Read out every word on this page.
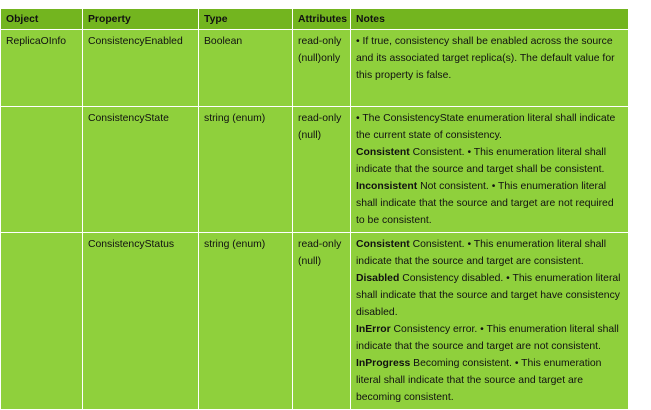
Object	Property	Type	Attributes	Notes
ReplicaOInfo	ConsistencyEnabled	Boolean	read-only (null)only	• If true, consistency shall be enabled across the source and its associated target replica(s). The default value for this property is false.
	ConsistencyState	string (enum)	read-only (null)	• The ConsistencyState enumeration literal shall indicate the current state of consistency.
Consistent Consistent. • This enumeration literal shall indicate that the source and target shall be consistent.
Inconsistent Not consistent. • This enumeration literal shall indicate that the source and target are not required to be consistent.
	ConsistencyStatus	string (enum)	read-only (null)	Consistent Consistent. • This enumeration literal shall indicate that the source and target are consistent. Disabled Consistency disabled. • This enumeration literal shall indicate that the source and target have consistency disabled.
InError Consistency error. • This enumeration literal shall indicate that the source and target are not consistent.
InProgress Becoming consistent. • This enumeration literal shall indicate that the source and target are becoming consistent.
